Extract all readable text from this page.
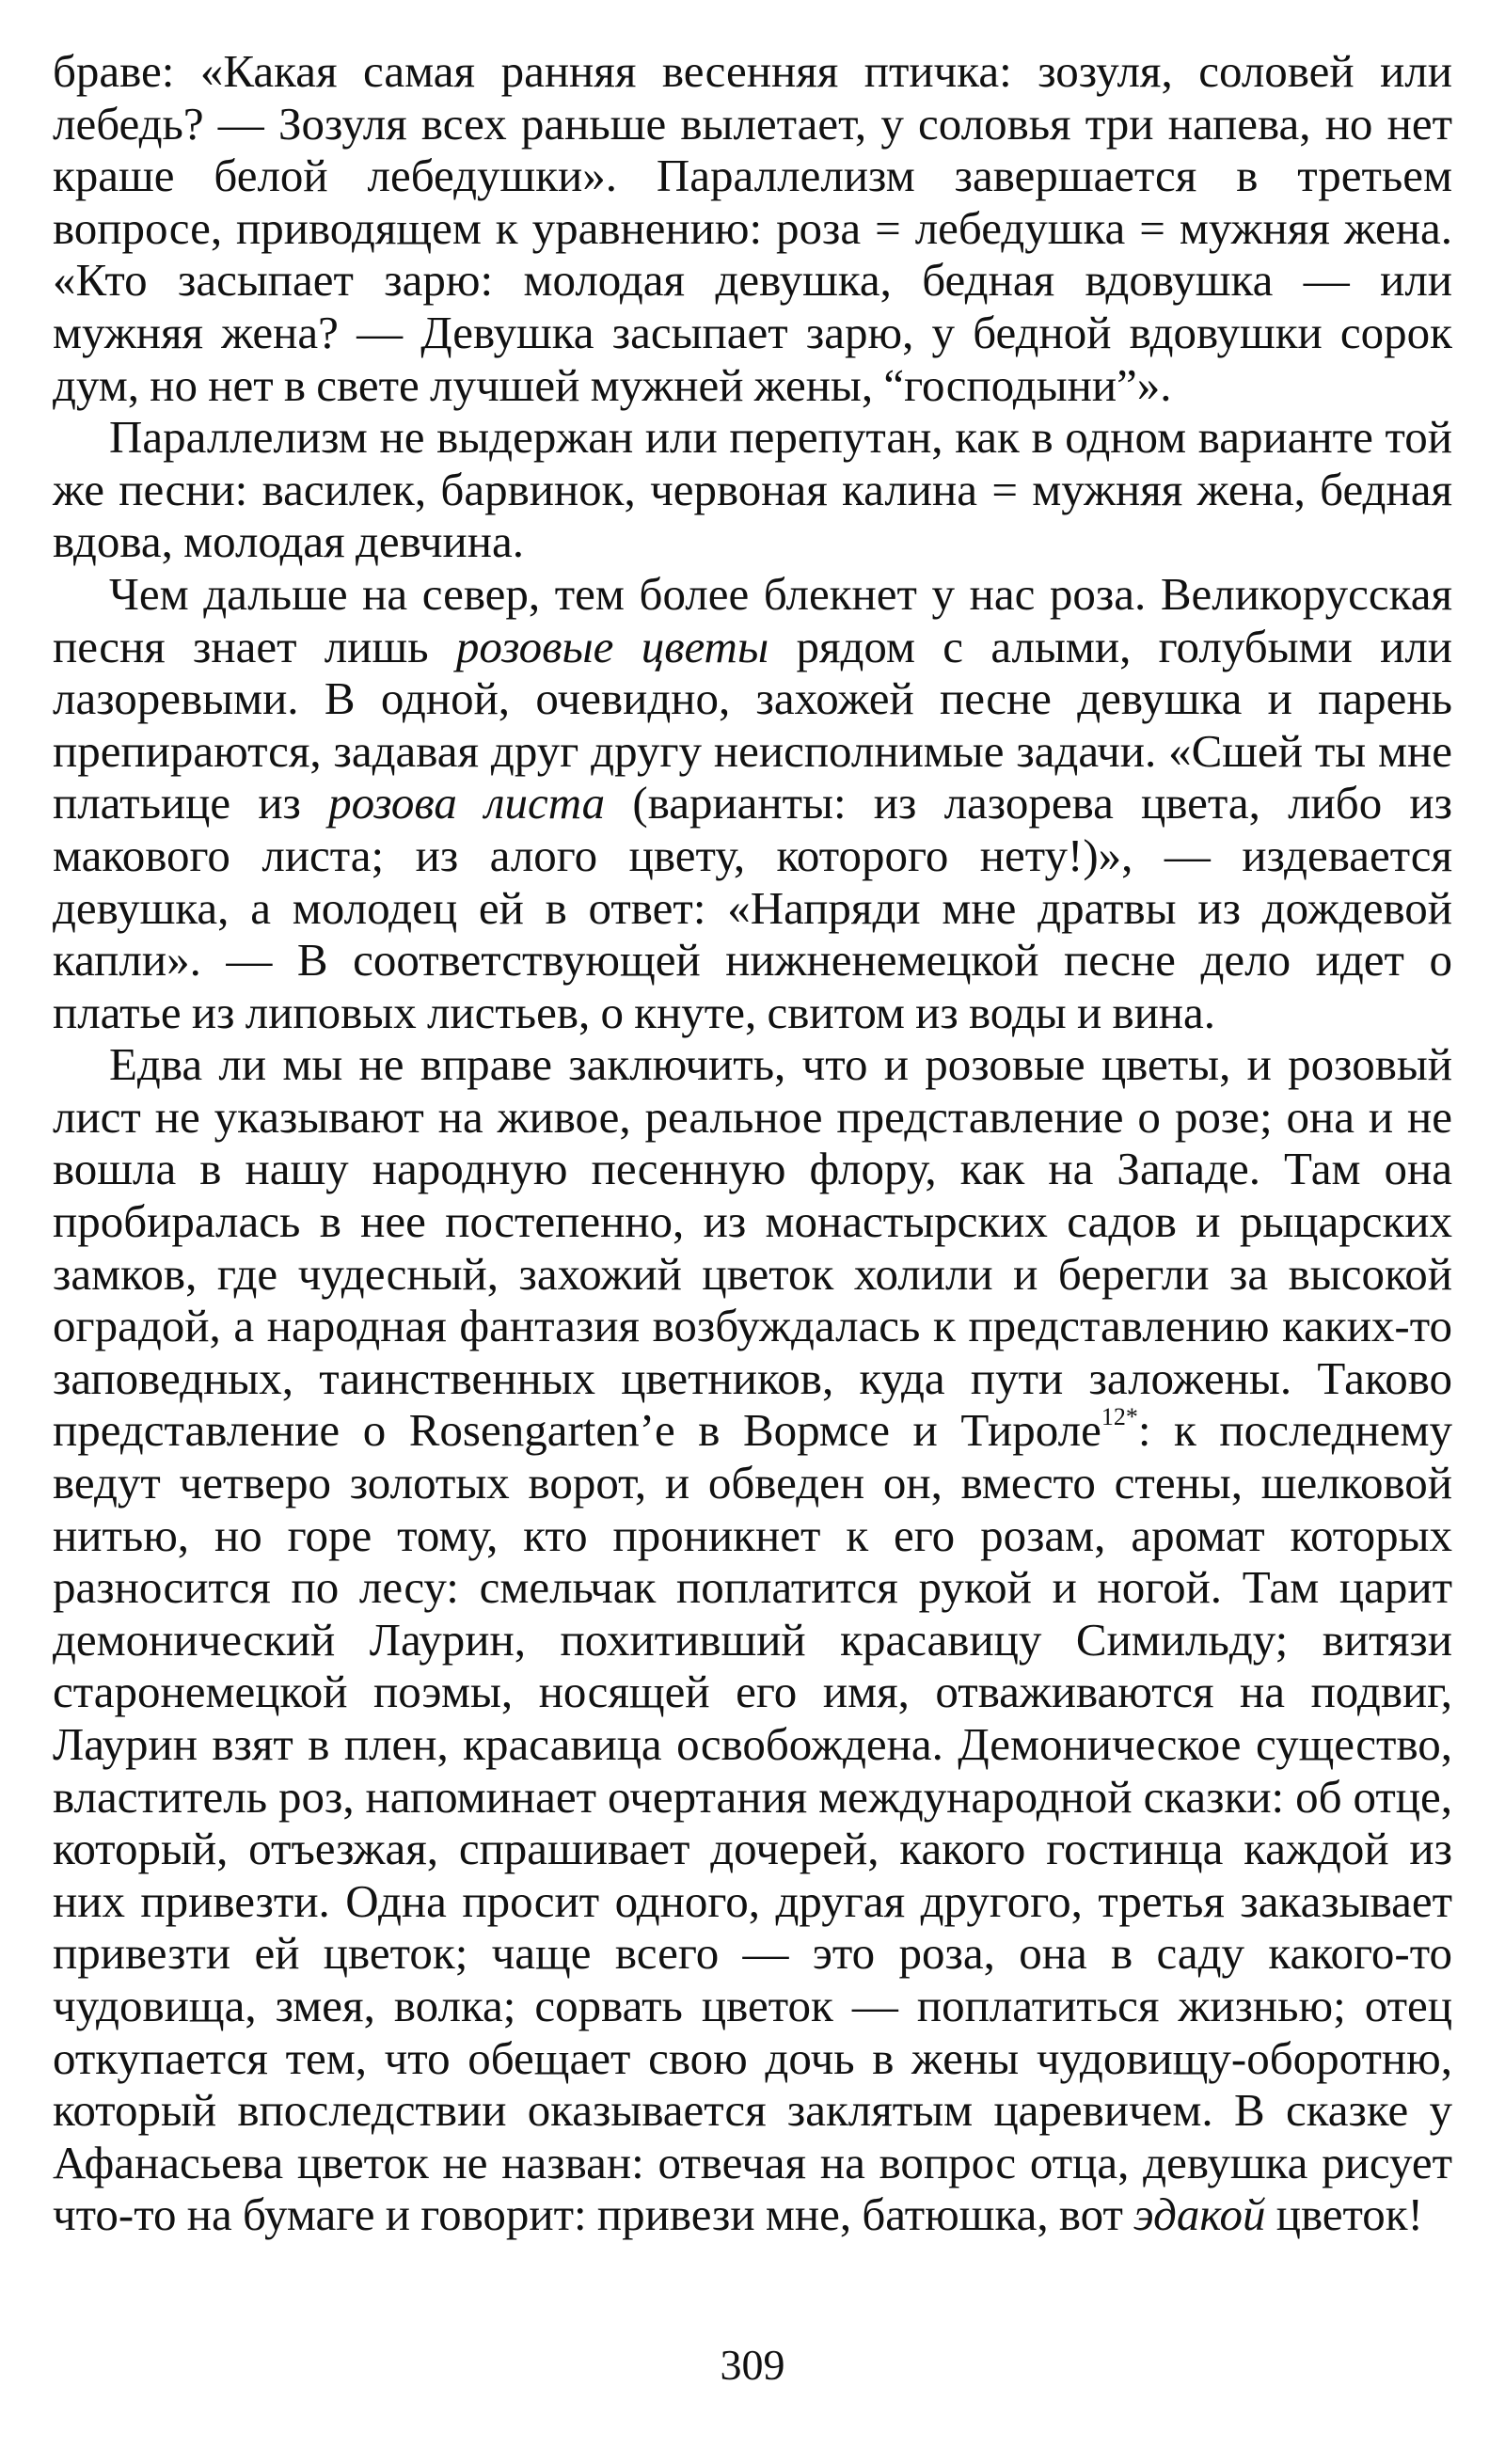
браве: «Какая самая ранняя весенняя птичка: зозуля, соловей или лебедь? — Зозуля всех раньше вылетает, у соловья три напева, но нет краше белой лебедушки». Параллелизм завершается в третьем вопросе, приводящем к уравнению: роза = лебедушка = мужняя жена. «Кто засыпает зарю: молодая девушка, бедная вдовушка — или мужняя жена? — Девушка засыпает зарю, у бедной вдовушки сорок дум, но нет в свете лучшей мужней жены, “господыни”».

Параллелизм не выдержан или перепутан, как в одном варианте той же песни: василек, барвинок, червоная калина = мужняя жена, бедная вдова, молодая девчина.

Чем дальше на север, тем более блекнет у нас роза. Великорусская песня знает лишь розовые цветы рядом с алыми, голубыми или лазоревыми. В одной, очевидно, захожей песне девушка и парень препираются, задавая друг другу неисполнимые задачи. «Сшей ты мне платьице из розова листа (варианты: из лазорева цвета, либо из макового листа; из алого цвету, которого нету!)», — издевается девушка, а молодец ей в ответ: «Напряди мне дратвы из дождевой капли». — В соответствующей нижненемецкой песне дело идет о платье из липовых листьев, о кнуте, свитом из воды и вина.

Едва ли мы не вправе заключить, что и розовые цветы, и розовый лист не указывают на живое, реальное представление о розе; она и не вошла в нашу народную песенную флору, как на Западе. Там она пробиралась в нее постепенно, из монастырских садов и рыцарских замков, где чудесный, захожий цветок холили и берегли за высокой оградой, а народная фантазия возбуждалась к представлению каких-то заповедных, таинственных цветников, куда пути заложены. Таково представление о Rosengarten’e в Вормсе и Тироле$^{12*}$: к последнему ведут четверо золотых ворот, и обведен он, вместо стены, шелковой нитью, но горе тому, кто проникнет к его розам, аромат которых разносится по лесу: смельчак поплатится рукой и ногой. Там царит демонический Лаурин, похитивший красавицу Симильду; витязи старонемецкой поэмы, носящей его имя, отваживаются на подвиг, Лаурин взят в плен, красавица освобождена. Демоническое существо, властитель роз, напоминает очертания международной сказки: об отце, который, отъезжая, спрашивает дочерей, какого гостинца каждой из них привезти. Одна просит одного, другая другого, третья заказывает привезти ей цветок; чаще всего — это роза, она в саду какого-то чудовища, змея, волка; сорвать цветок — поплатиться жизнью; отец откупается тем, что обещает свою дочь в жены чудовищу-оборотню, который впоследствии оказывается заклятым царевичем. В сказке у Афанасьева цветок не назван: отвечая на вопрос отца, девушка рисует что-то на бумаге и говорит: привези мне, батюшка, вот эдакой цветок!

309
